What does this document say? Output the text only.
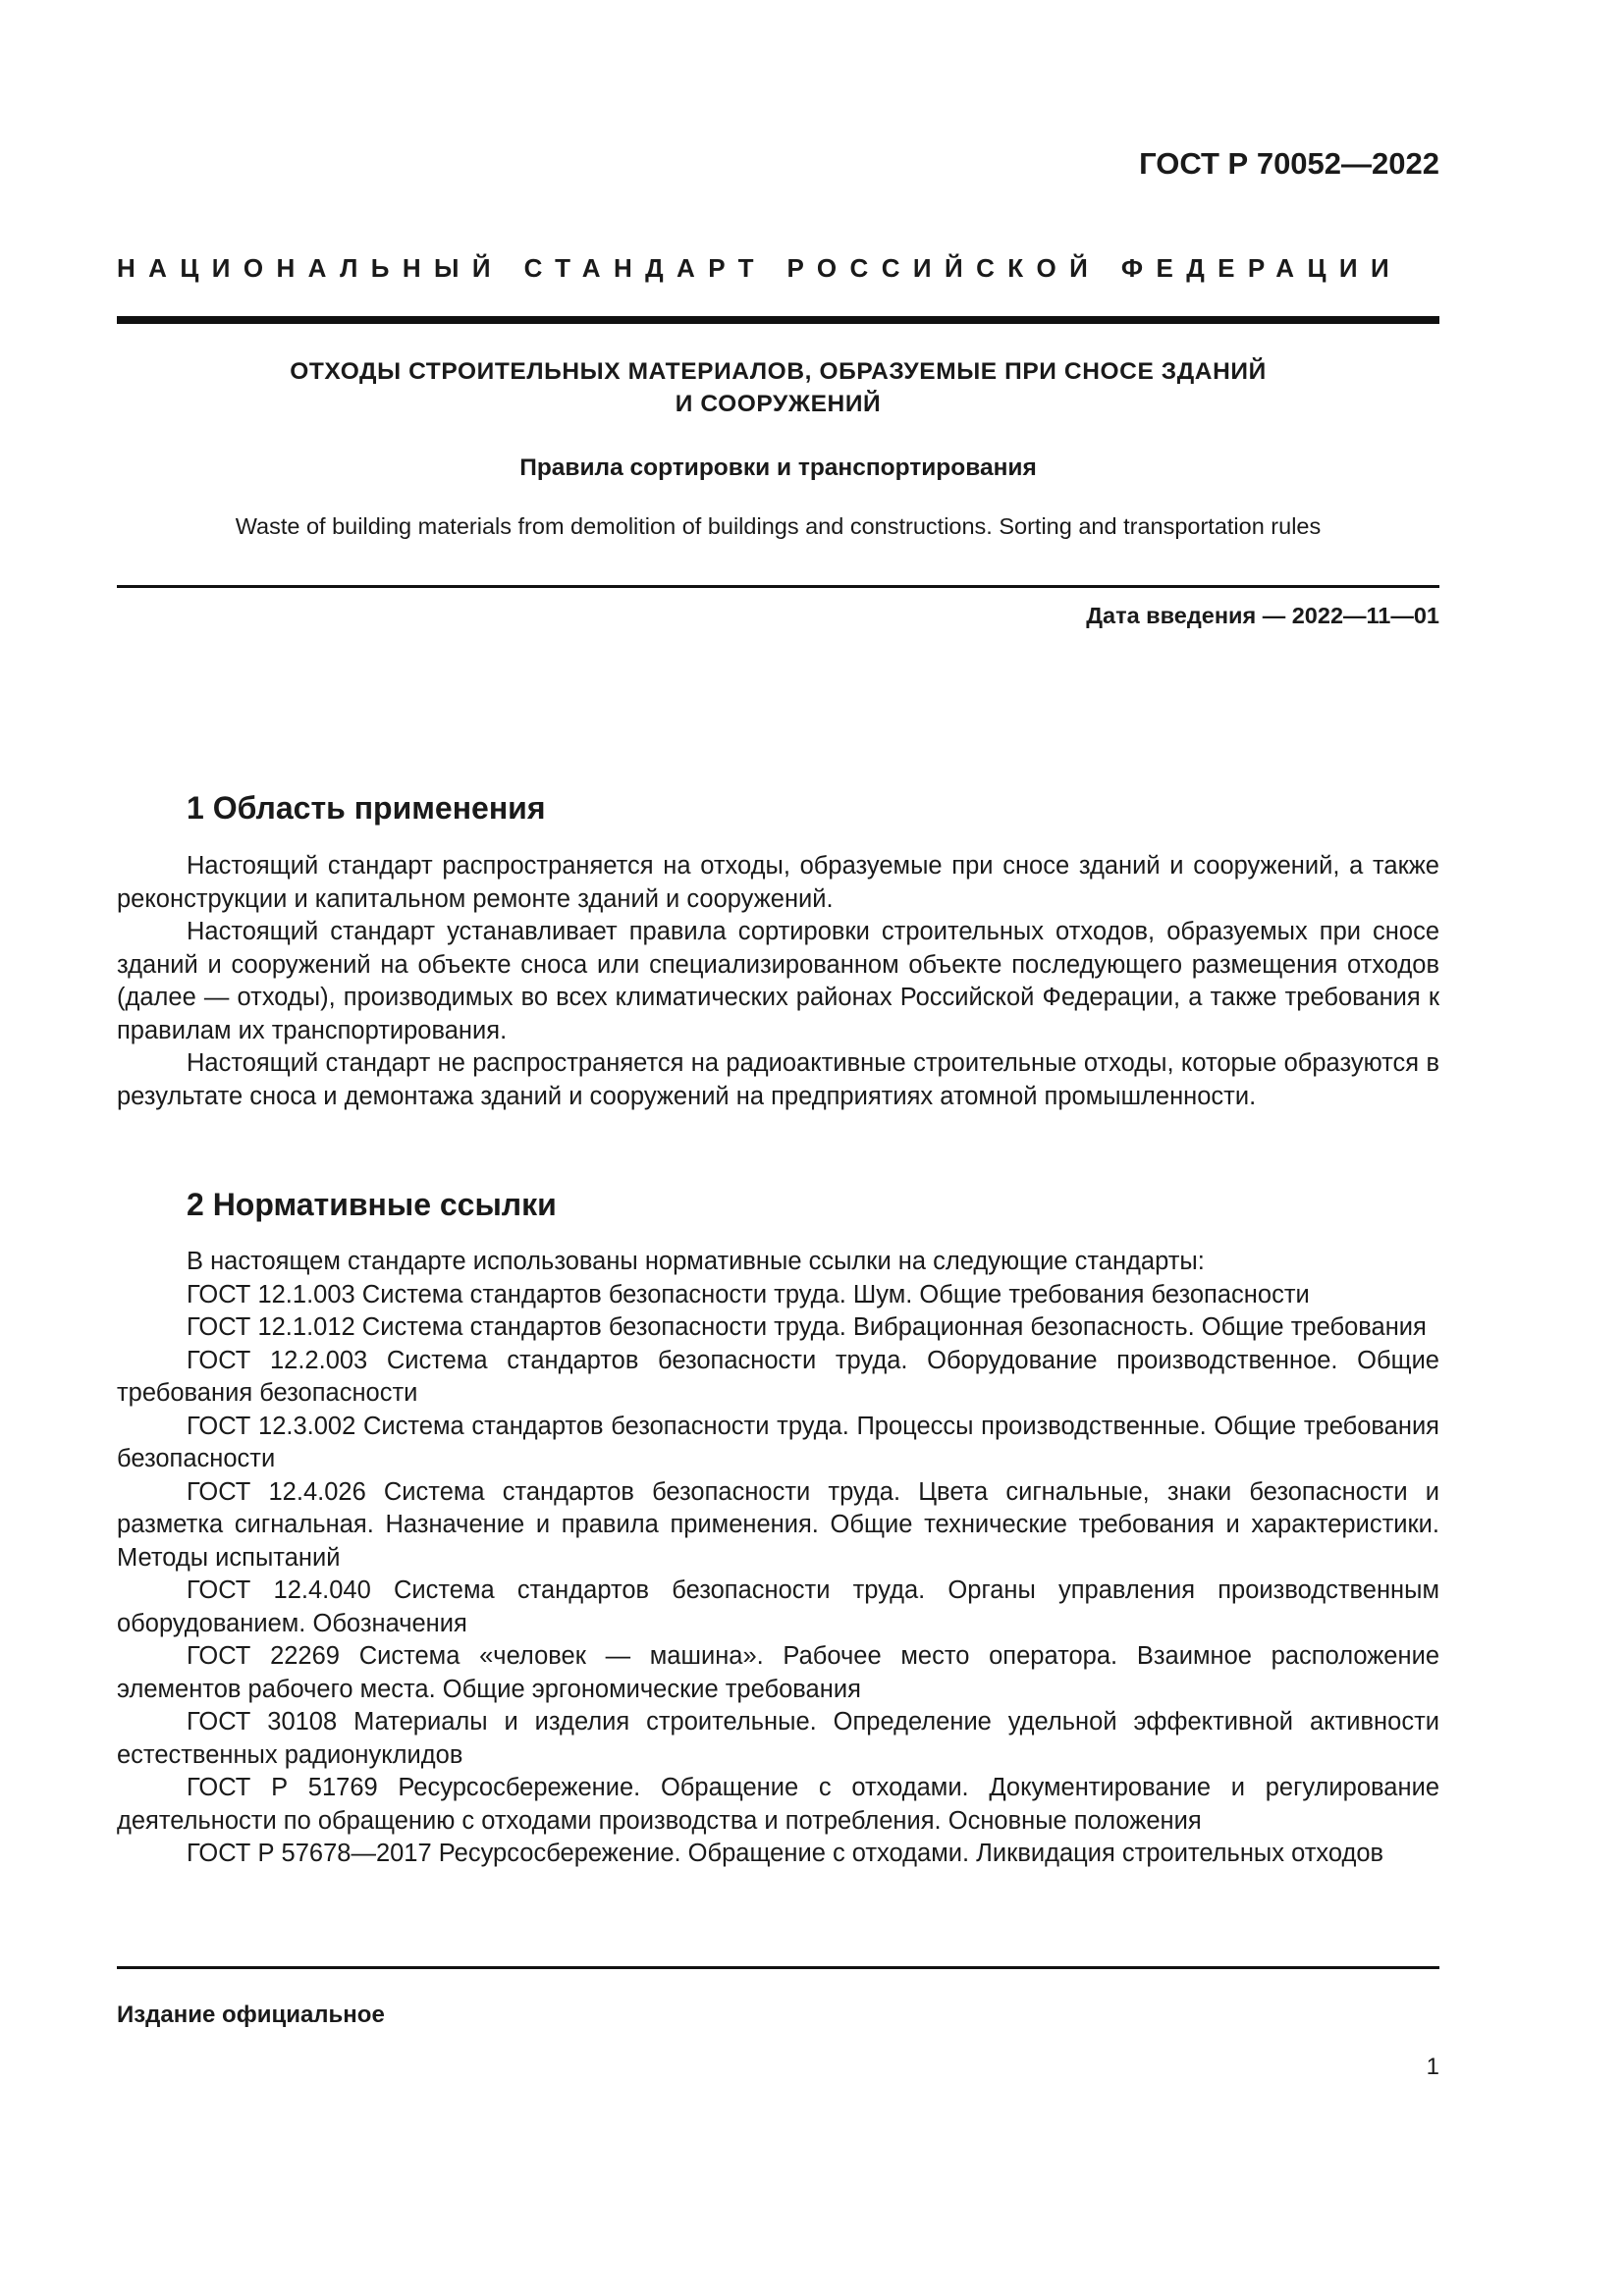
ГОСТ Р 70052—2022
НАЦИОНАЛЬНЫЙ СТАНДАРТ РОССИЙСКОЙ ФЕДЕРАЦИИ
ОТХОДЫ СТРОИТЕЛЬНЫХ МАТЕРИАЛОВ, ОБРАЗУЕМЫЕ ПРИ СНОСЕ ЗДАНИЙ
И СООРУЖЕНИЙ
Правила сортировки и транспортирования
Waste of building materials from demolition of buildings and constructions. Sorting and transportation rules
Дата введения — 2022—11—01
1 Область применения

Настоящий стандарт распространяется на отходы, образуемые при сносе зданий и сооружений, а также реконструкции и капитальном ремонте зданий и сооружений.

Настоящий стандарт устанавливает правила сортировки строительных отходов, образуемых при сносе зданий и сооружений на объекте сноса или специализированном объекте последующего размещения отходов (далее — отходы), производимых во всех климатических районах Российской Федерации, а также требования к правилам их транспортирования.

Настоящий стандарт не распространяется на радиоактивные строительные отходы, которые образуются в результате сноса и демонтажа зданий и сооружений на предприятиях атомной промышленности.

2 Нормативные ссылки

В настоящем стандарте использованы нормативные ссылки на следующие стандарты:

ГОСТ 12.1.003 Система стандартов безопасности труда. Шум. Общие требования безопасности

ГОСТ 12.1.012 Система стандартов безопасности труда. Вибрационная безопасность. Общие требования

ГОСТ 12.2.003 Система стандартов безопасности труда. Оборудование производственное. Общие требования безопасности

ГОСТ 12.3.002 Система стандартов безопасности труда. Процессы производственные. Общие требования безопасности

ГОСТ 12.4.026 Система стандартов безопасности труда. Цвета сигнальные, знаки безопасности и разметка сигнальная. Назначение и правила применения. Общие технические требования и характеристики. Методы испытаний

ГОСТ 12.4.040 Система стандартов безопасности труда. Органы управления производственным оборудованием. Обозначения

ГОСТ 22269 Система «человек — машина». Рабочее место оператора. Взаимное расположение элементов рабочего места. Общие эргономические требования

ГОСТ 30108 Материалы и изделия строительные. Определение удельной эффективной активности естественных радионуклидов

ГОСТ Р 51769 Ресурсосбережение. Обращение с отходами. Документирование и регулирование деятельности по обращению с отходами производства и потребления. Основные положения

ГОСТ Р 57678—2017 Ресурсосбережение. Обращение с отходами. Ликвидация строительных отходов

Издание официальное
1
